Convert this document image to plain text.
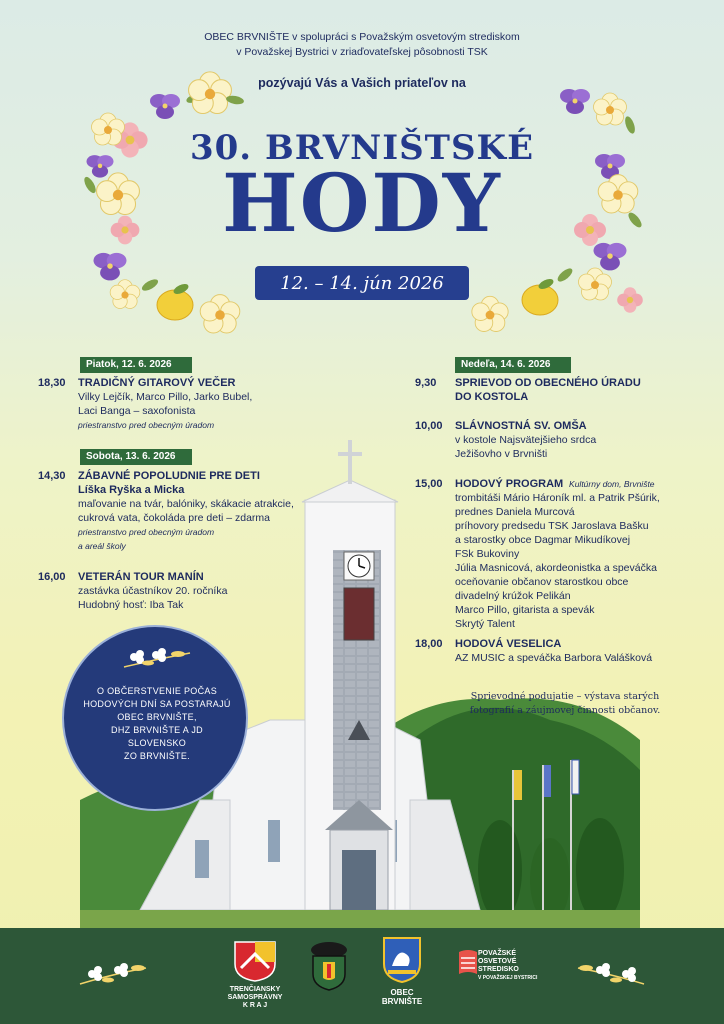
OBEC BRVNIŠTE v spolupráci s Považským osvetovým strediskom
v Považskej Bystrici v zriaďovateľskej pôsobnosti TSK
pozývajú Vás a Vašich priateľov na
30. BRVNIŠTSKÉ
HODY
12. – 14. jún 2026
Piatok, 12. 6. 2026
18,30 TRADIČNÝ GITAROVÝ VEČER
Vilky Lejčík, Marco Pillo, Jarko Bubel,
Laci Banga – saxofonista
priestranstvo pred obecným úradom
Sobota, 13. 6. 2026
14,30 ZÁBAVNÉ POPOLUDNIE PRE DETI
Líška Ryška a Micka
maľovanie na tvár, balóniky, skákacie atrakcie,
cukrová vata, čokoláda pre deti – zdarma
priestranstvo pred obecným úradom
a areál školy
16,00 VETERÁN TOUR MANÍN
zastávka účastníkov 20. ročníka
Hudobný hosť: Iba Tak
Nedeľa, 14. 6. 2026
9,30 SPRIEVOD OD OBECNÉHO ÚRADU
DO KOSTOLA
10,00 SLÁVNOSTNÁ SV. OMŠA
v kostole Najsvätejšieho srdca
Ježišovho v Brvništi
15,00 HODOVÝ PROGRAM Kultúrny dom, Brvnište
trombitáši Mário Hároník ml. a Patrik Pšúrik,
prednes Daniela Murcová
príhovory predsedu TSK Jaroslava Bašku
a starostky obce Dagmar Mikudíkovej
FSk Bukoviny
Júlia Masnicová, akordeonistka a speváčka
oceňovanie občanov starostkou obce
divadelný krúžok Pelikán
Marco Pillo, gitarista a spevák
Skrytý Talent
18,00 HODOVÁ VESELICA
AZ MUSIC a speváčka Barbora Valášková
Sprievodné podujatie – výstava starých
fotografií a záujmovej činnosti občanov.
O OBČERSTVENIE POČAS
HODOVÝCH DNÍ SA POSTARAJÚ
OBEC BRVNIŠTE,
DHZ BRVNIŠTE A JD SLOVENSKO
ZO BRVNIŠTE.
TRENČIANSKY
SAMOSPRÁVNY
K R A J
OBEC
BRVNIŠTE
POVAŽSKÉ
OSVETOVÉ
STREDISKO
V POVAŽSKEJ BYSTRICI
